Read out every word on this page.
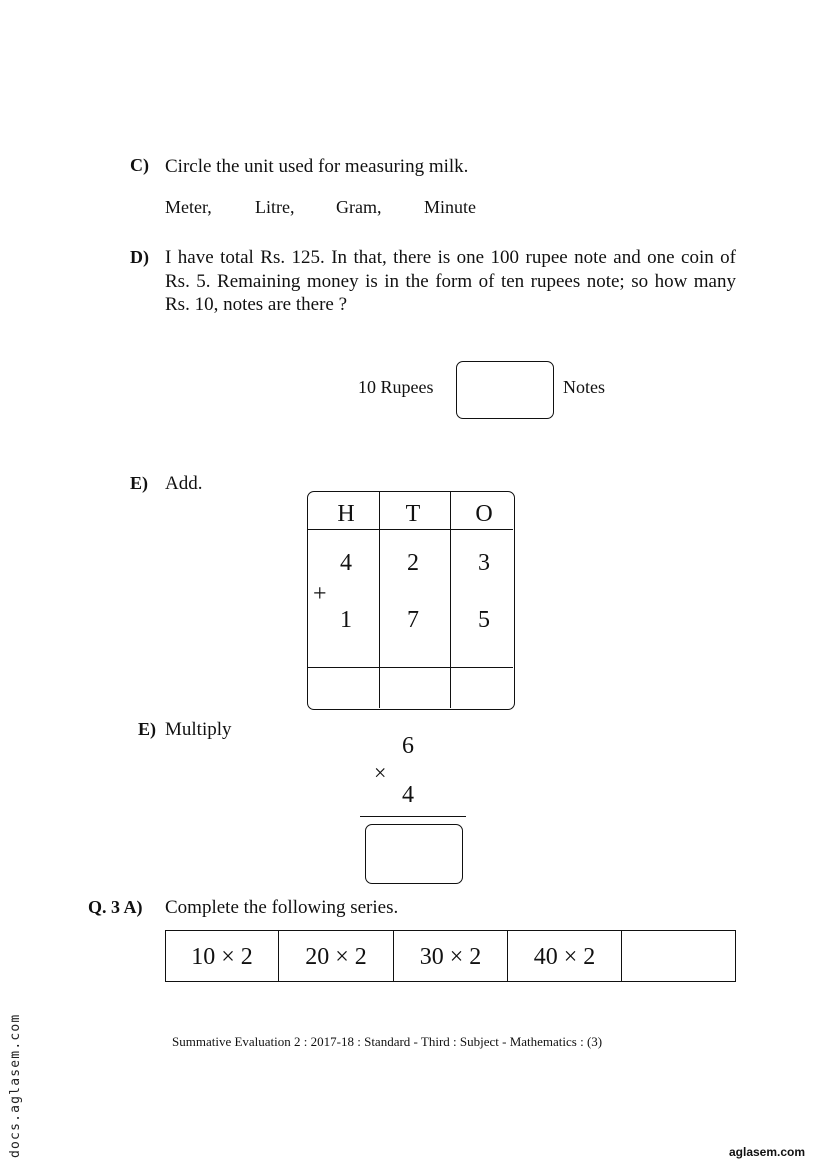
C) Circle the unit used for measuring milk.
Meter, Litre, Gram, Minute
D) I have total Rs. 125. In that, there is one 100 rupee note and one coin of Rs. 5. Remaining money is in the form of ten rupees note; so how many Rs. 10, notes are there ?
10 Rupees	Notes
E) Add.
H	T	O
4	2	3
+
1	7	5
E) Multiply
6
×
4
Q. 3 A) Complete the following series.
10 × 2	20 × 2	30 × 2	40 × 2
Summative Evaluation 2 : 2017-18 : Standard - Third : Subject - Mathematics : (3)
docs.aglasem.com	aglasem.com
